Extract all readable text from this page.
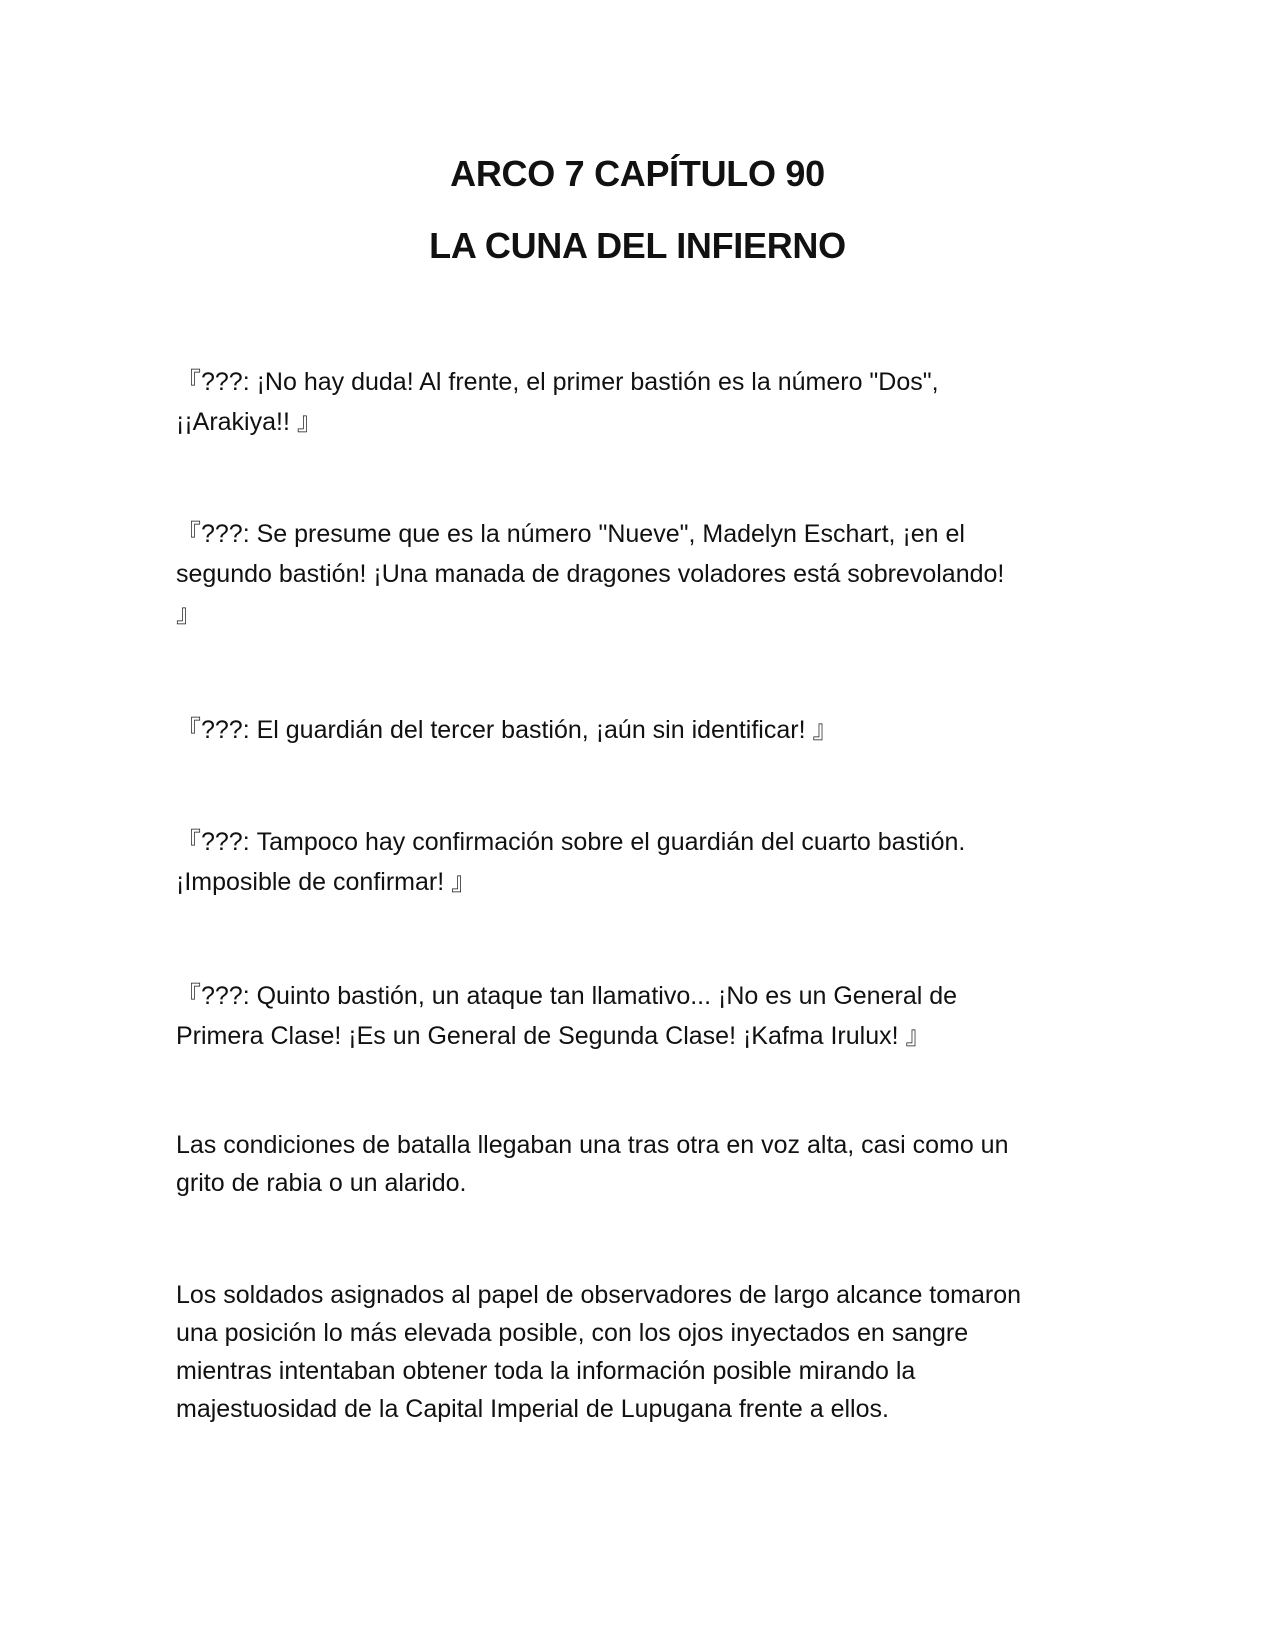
ARCO 7 CAPÍTULO 90
LA CUNA DEL INFIERNO
『???: ¡No hay duda! Al frente, el primer bastión es la número "Dos",
¡¡Arakiya!! 』
『???: Se presume que es la número "Nueve", Madelyn Eschart, ¡en el
segundo bastión! ¡Una manada de dragones voladores está sobrevolando!
』
『???: El guardián del tercer bastión, ¡aún sin identificar! 』
『???: Tampoco hay confirmación sobre el guardián del cuarto bastión.
¡Imposible de confirmar! 』
『???: Quinto bastión, un ataque tan llamativo... ¡No es un General de
Primera Clase! ¡Es un General de Segunda Clase! ¡Kafma Irulux! 』
Las condiciones de batalla llegaban una tras otra en voz alta, casi como un
grito de rabia o un alarido.
Los soldados asignados al papel de observadores de largo alcance tomaron
una posición lo más elevada posible, con los ojos inyectados en sangre
mientras intentaban obtener toda la información posible mirando la
majestuosidad de la Capital Imperial de Lupugana frente a ellos.
